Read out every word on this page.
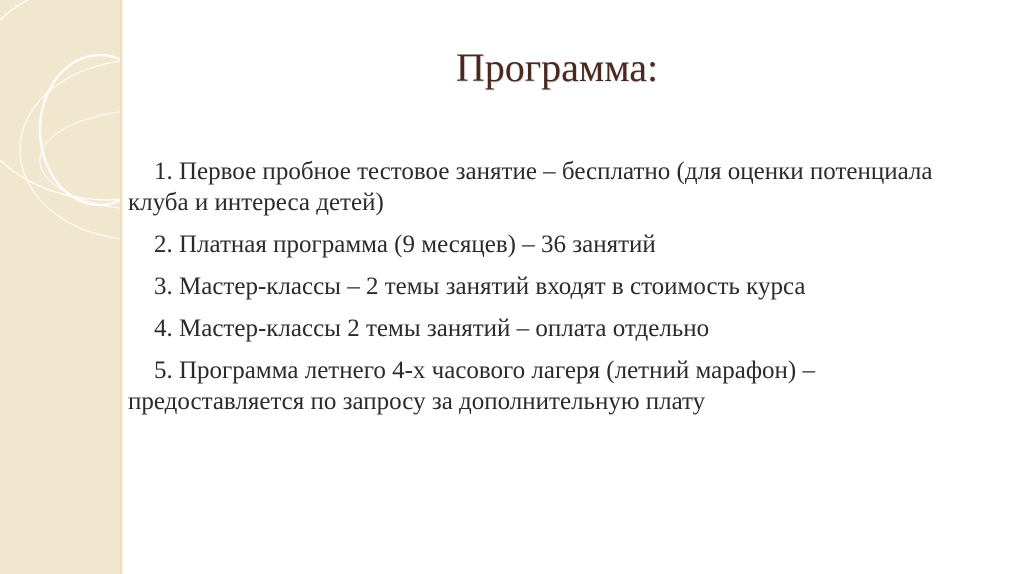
Программа:
1. Первое пробное тестовое занятие – бесплатно (для оценки потенциала клуба и интереса детей)
2. Платная программа (9 месяцев) – 36 занятий
3. Мастер-классы – 2 темы занятий входят в стоимость курса
4. Мастер-классы 2 темы занятий – оплата отдельно
5. Программа летнего 4-х часового лагеря (летний марафон) – предоставляется по запросу за дополнительную плату
